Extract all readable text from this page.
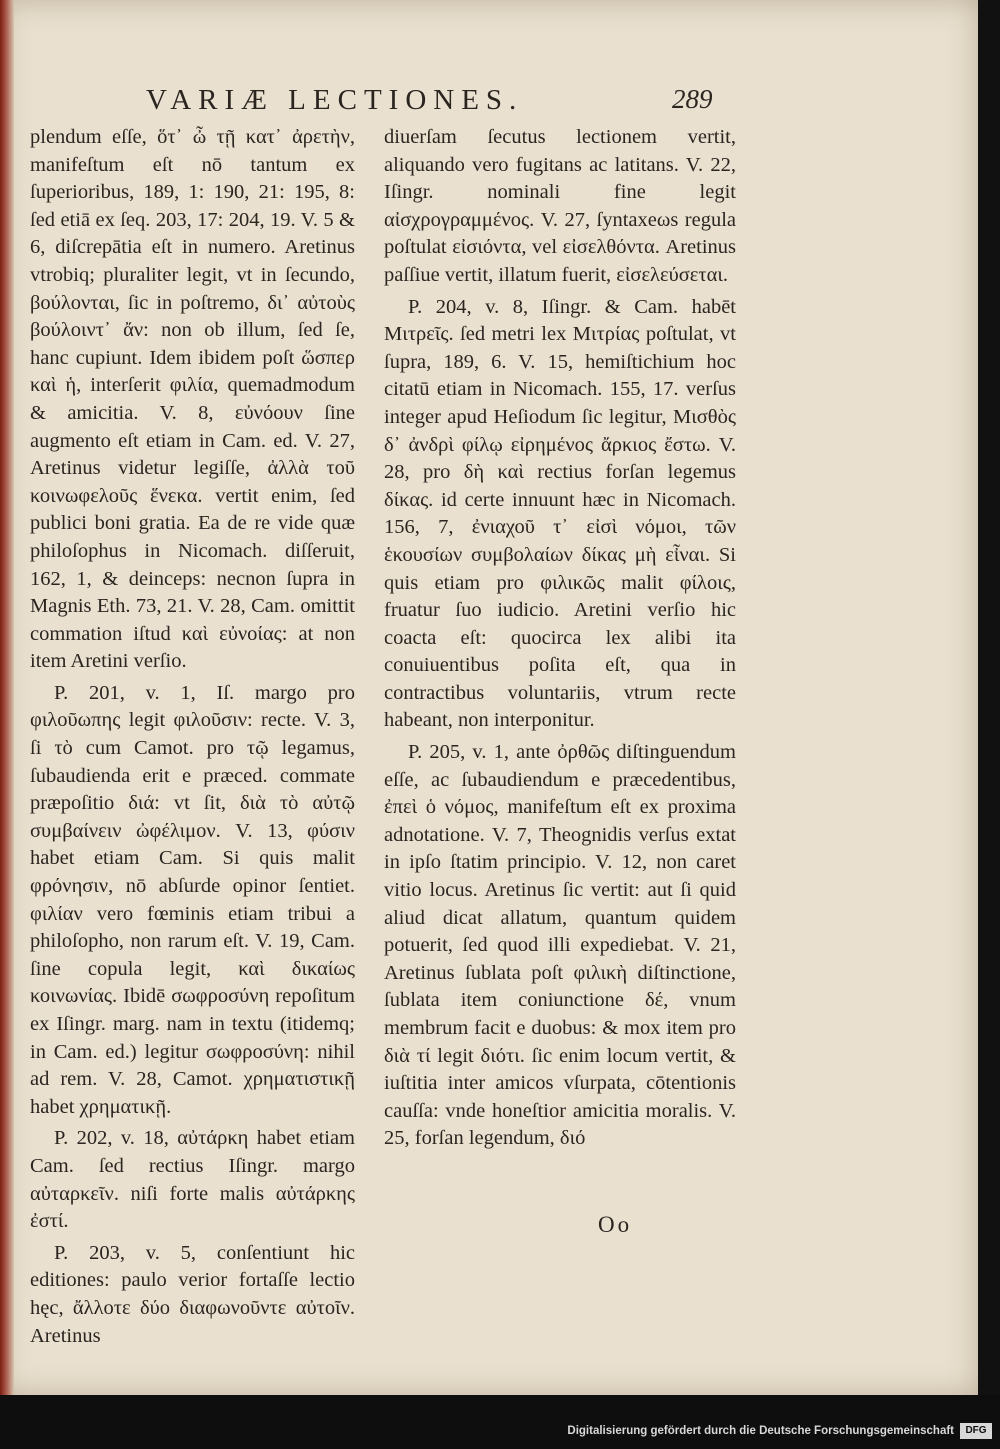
VARIÆ LECTIONES.	289

plendum eſſe, ὅτ᾽ ὦ τῇ κατ᾽ ἀρετὴν, manifeſtum eſt nō tantum ex ſuperioribus, 189, 1: 190, 21: 195, 8: ſed etiā ex ſeq. 203, 17: 204, 19. V. 5 & 6, diſcrepātia eſt in numero. Aretinus vtrobiq; pluraliter legit, vt in ſecundo, βούλονται, ſic in poſtremo, δι᾽ αὐτοὺς βούλοιντ᾽ ἄν: non ob illum, ſed ſe, hanc cupiunt. Idem ibidem poſt ὥσπερ καὶ ἡ, interſerit φιλία, quemadmodum & amicitia. V. 8, εὐνόουν ſine augmento eſt etiam in Cam. ed. V. 27, Aretinus videtur legiſſe, ἀλλὰ τοῦ κοινωφελοῦς ἕνεκα. vertit enim, ſed publici boni gratia. Ea de re vide quæ philoſophus in Nicomach. diſſeruit, 162, 1, & deinceps: necnon ſupra in Magnis Eth. 73, 21. V. 28, Cam. omittit commation iſtud καὶ εὐνοίας: at non item Aretini verſio.

P. 201, v. 1, Iſ. margo pro φιλοῦωπης legit φιλοῦσιν: recte. V. 3, ſi τὸ cum Camot. pro τῷ legamus, ſubaudienda erit e præced. commate præpoſitio διά: vt ſit, διὰ τὸ αὐτῷ συμβαίνειν ὠφέλιμον. V. 13, φύσιν habet etiam Cam. Si quis malit φρόνησιν, nō abſurde opinor ſentiet. φιλίαν vero fœminis etiam tribui a philoſopho, non rarum eſt. V. 19, Cam. ſine copula legit, καὶ δικαίως κοινωνίας. Ibidē σωφροσύνη repoſitum ex Iſingr. marg. nam in textu (itidemq; in Cam. ed.) legitur σωφροσύνη: nihil ad rem. V. 28, Camot. χρηματιστικῇ habet χρηματικῇ.

P. 202, v. 18, αὐτάρκη habet etiam Cam. ſed rectius Iſingr. margo αὐταρκεῖν. niſi forte malis αὐτάρκης ἐστί.

P. 203, v. 5, conſentiunt hic editiones: paulo verior fortaſſe lectio hęc, ἄλλοτε δύο διαφωνοῦντε αὐτοῖν. Aretinus

diuerſam ſecutus lectionem vertit, aliquando vero fugitans ac latitans. V. 22, Iſingr. nominali fine legit αἰσχρογραμμένος. V. 27, ſyntaxeωs regula poſtulat εἰσιόντα, vel εἰσελθόντα. Aretinus paſſiue vertit, illatum fuerit, εἰσελεύσεται.

P. 204, v. 8, Iſingr. & Cam. habēt Μιτρεῖς. ſed metri lex Μιτρίας poſtulat, vt ſupra, 189, 6. V. 15, hemiſtichium hoc citatū etiam in Nicomach. 155, 17. verſus integer apud Heſiodum ſic legitur, Μισθὸς δ᾽ ἀνδρὶ φίλῳ εἰρημένος ἄρκιος ἔστω. V. 28, pro δὴ καὶ rectius forſan legemus δίκας. id certe innuunt hæc in Nicomach. 156, 7, ἐνιαχοῦ τ᾽ εἰσὶ νόμοι, τῶν ἑκουσίων συμβολαίων δίκας μὴ εἶναι. Si quis etiam pro φιλικῶς malit φίλοις, fruatur ſuo iudicio. Aretini verſio hic coacta eſt: quocirca lex alibi ita conuiuentibus poſita eſt, qua in contractibus voluntariis, vtrum recte habeant, non interponitur.

P. 205, v. 1, ante ὀρθῶς diſtinguendum eſſe, ac ſubaudiendum e præcedentibus, ἐπεὶ ὁ νόμος, manifeſtum eſt ex proxima adnotatione. V. 7, Theognidis verſus extat in ipſo ſtatim principio. V. 12, non caret vitio locus. Aretinus ſic vertit: aut ſi quid aliud dicat allatum, quantum quidem potuerit, ſed quod illi expediebat. V. 21, Aretinus ſublata poſt φιλικὴ diſtinctione, ſublata item coniunctione δέ, vnum membrum facit e duobus: & mox item pro διὰ τί legit διότι. ſic enim locum vertit, & iuſtitia inter amicos vſurpata, cōtentionis cauſſa: vnde honeſtior amicitia moralis. V. 25, forſan legendum, διό

Oo
Digitalisierung gefördert durch die Deutsche Forschungsgemeinschaft	DFG
